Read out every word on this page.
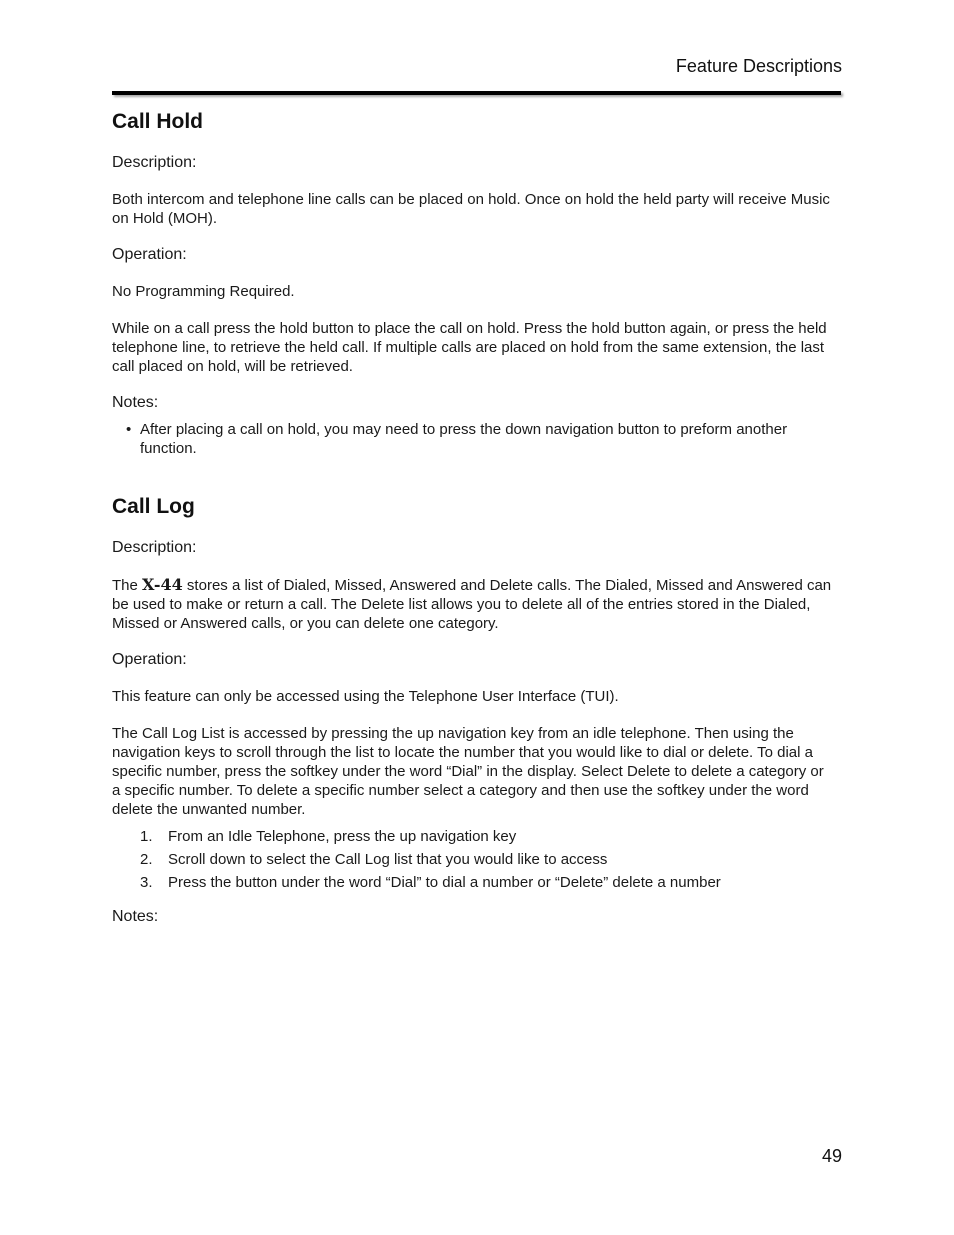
Feature Descriptions
Call Hold
Description:

Both intercom and telephone line calls can be placed on hold. Once on hold the held party will receive Music on Hold (MOH).

Operation:

No Programming Required.

While on a call press the hold button to place the call on hold. Press the hold button again, or press the held telephone line, to retrieve the held call. If multiple calls are placed on hold from the same extension, the last call placed on hold, will be retrieved.

Notes:
• After placing a call on hold, you may need to press the down navigation button to preform another function.
Call Log
Description:

The X-44 stores a list of Dialed, Missed, Answered and Delete calls. The Dialed, Missed and Answered can be used to make or return a call. The Delete list allows you to delete all of the entries stored in the Dialed, Missed or Answered calls, or you can delete one category.

Operation:

This feature can only be accessed using the Telephone User Interface (TUI).

The Call Log List is accessed by pressing the up navigation key from an idle telephone. Then using the navigation keys to scroll through the list to locate the number that you would like to dial or delete. To dial a specific number, press the softkey under the word “Dial” in the display. Select Delete to delete a category or a specific number. To delete a specific number select a category and then use the softkey under the word delete the unwanted number.

1. From an Idle Telephone, press the up navigation key
2. Scroll down to select the Call Log list that you would like to access
3. Press the button under the word “Dial” to dial a number or “Delete” delete a number
Notes:
49
